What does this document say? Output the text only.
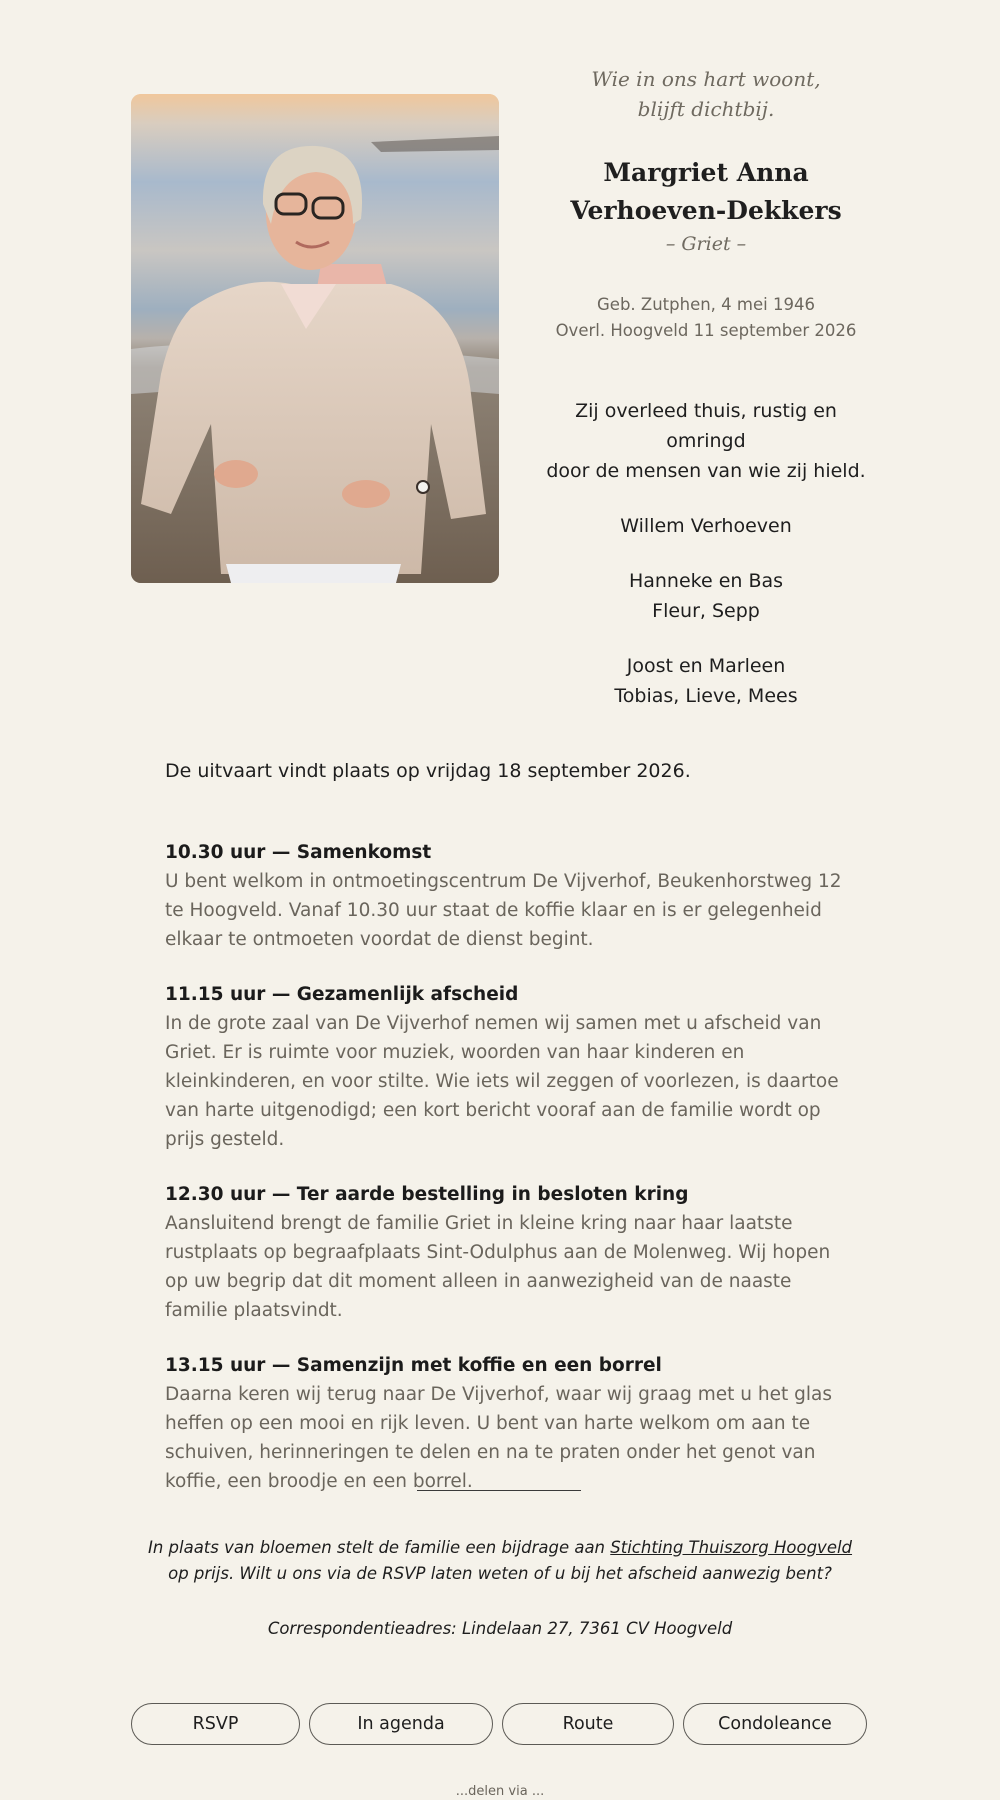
Wie in ons hart woont,
blijft dichtbij.

Margriet Anna
Verhoeven-Dekkers

– Griet –

Geb. Zutphen, 4 mei 1946
Overl. Hoogveld 11 september 2026
Zij overleed thuis, rustig en omringd
door de mensen van wie zij hield.
Willem Verhoeven
Hanneke en Bas
Fleur, Sepp
Joost en Marleen
Tobias, Lieve, Mees

De uitvaart vindt plaats op vrijdag 18 september 2026.

10.30 uur — Samenkomst
U bent welkom in ontmoetingscentrum De Vijverhof, Beukenhorstweg 12 te Hoogveld. Vanaf 10.30 uur staat de koffie klaar en is er gelegenheid elkaar te ontmoeten voordat de dienst begint.
11.15 uur — Gezamenlijk afscheid
In de grote zaal van De Vijverhof nemen wij samen met u afscheid van Griet. Er is ruimte voor muziek, woorden van haar kinderen en kleinkinderen, en voor stilte. Wie iets wil zeggen of voorlezen, is daartoe van harte uitgenodigd; een kort bericht vooraf aan de familie wordt op prijs gesteld.
12.30 uur — Ter aarde bestelling in besloten kring
Aansluitend brengt de familie Griet in kleine kring naar haar laatste rustplaats op begraafplaats Sint-Odulphus aan de Molenweg. Wij hopen op uw begrip dat dit moment alleen in aanwezigheid van de naaste familie plaatsvindt.
13.15 uur — Samenzijn met koffie en een borrel
Daarna keren wij terug naar De Vijverhof, waar wij graag met u het glas heffen op een mooi en rijk leven. U bent van harte welkom om aan te schuiven, herinneringen te delen en na te praten onder het genot van koffie, een broodje en een borrel.

In plaats van bloemen stelt de familie een bijdrage aan Stichting Thuiszorg Hoogveld op prijs. Wilt u ons via de RSVP laten weten of u bij het afscheid aanwezig bent?

Correspondentieadres: Lindelaan 27, 7361 CV Hoogveld

RSVP	In agenda	Route	Condoleance
...delen via ...
